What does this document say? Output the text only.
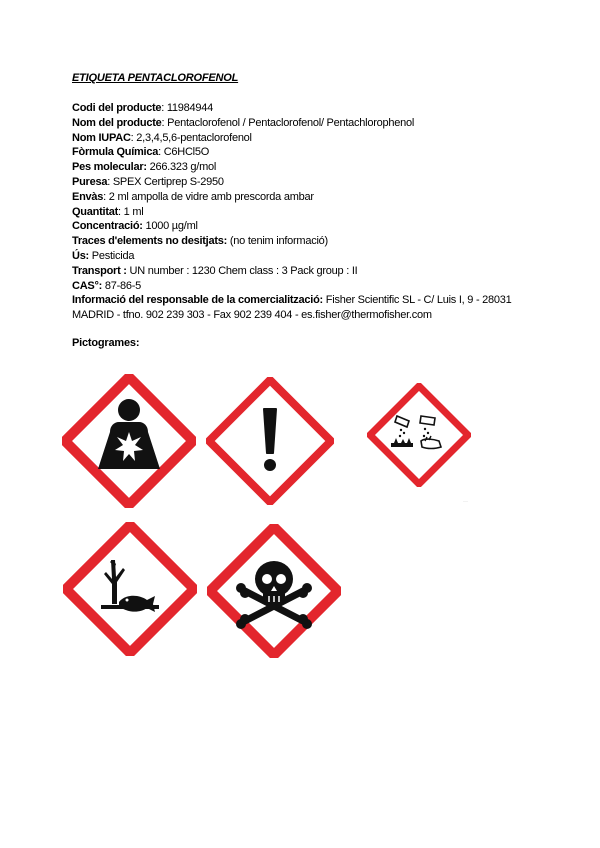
ETIQUETA PENTACLOROFENOL
Codi del producte: 11984944
Nom del producte: Pentaclorofenol / Pentaclorofenol/ Pentachlorophenol
Nom IUPAC: 2,3,4,5,6-pentaclorofenol
Fòrmula Química: C6HCl5O
Pes molecular: 266.323 g/mol
Puresa: SPEX Certiprep S-2950
Envàs: 2 ml ampolla de vidre amb prescorda ambar
Quantitat: 1 ml
Concentració: 1000 µg/ml
Traces d'elements no desitjats: (no tenim informació)
Ús: Pesticida
Transport : UN number : 1230 Chem class : 3 Pack group : II
CAS°: 87-86-5
Informació del responsable de la comercialització: Fisher Scientific SL - C/ Luis I, 9 - 28031 MADRID - tfno. 902 239 303 - Fax 902 239 404 - es.fisher@thermofisher.com
Pictogrames:
·····
